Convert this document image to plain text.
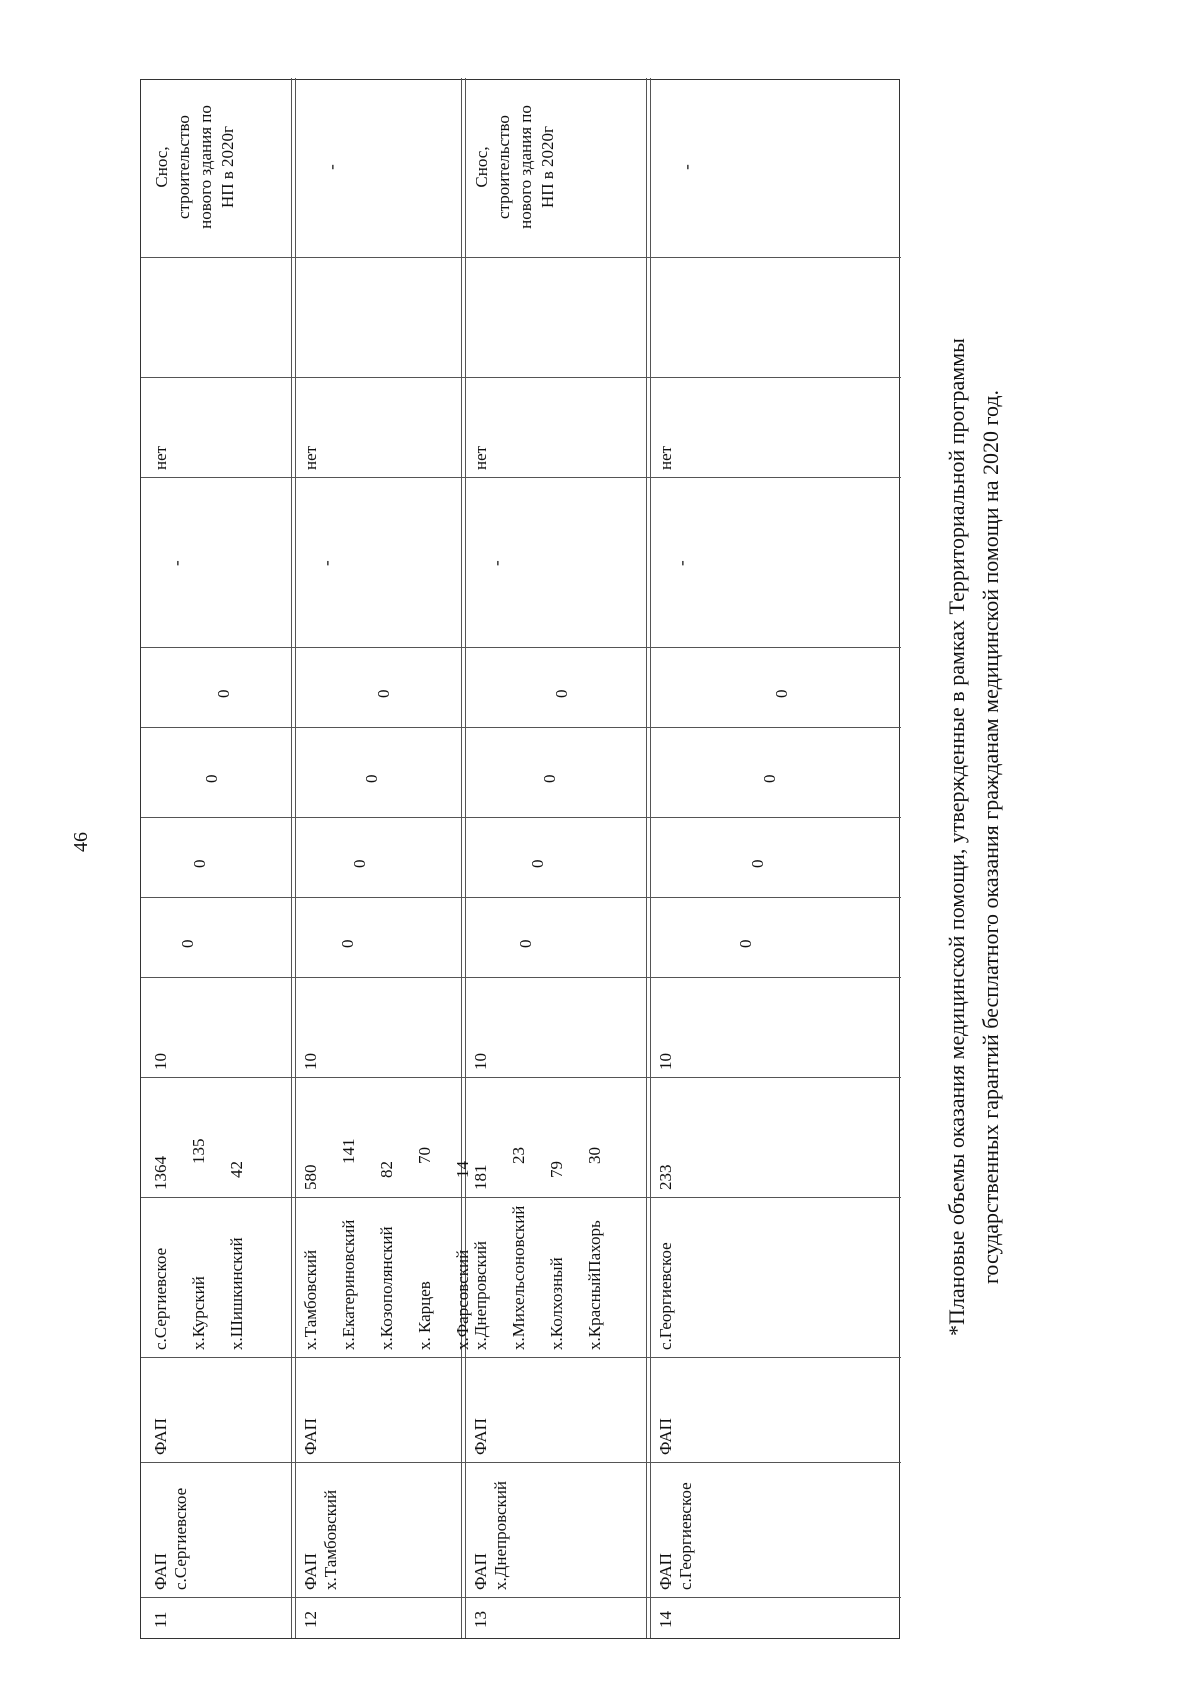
46
11
ФАП с.Сергиевское
ФАП
с.Сергиевское
1364
х.Курский
135
х.Шишкинский
42
10
0
0
0
0
-
нет
Снос, строительство нового здания по НП в 2020г
12
ФАП х.Тамбовский
ФАП
х.Тамбовский
580
х.Екатериновский
141
х.Козополянский
82
х. Карцев
70
х.Фарсовский
14
10
0
0
0
0
-
нет
-
13
ФАП х.Днепровский
ФАП
х.Днепровский
181
х.Михельсоновский
23
х.Колхозный
79
х.КрасныйПахорь
30
10
0
0
0
0
-
нет
Снос, строительство нового здания по НП в 2020г
14
ФАП с.Георгиевское
ФАП
с.Георгиевское
233
10
0
0
0
0
-
нет
-
*Плановые объемы оказания медицинской помощи, утвержденные в рамках Территориальной программы государственных гарантий бесплатного оказания гражданам медицинской помощи на 2020 год.
